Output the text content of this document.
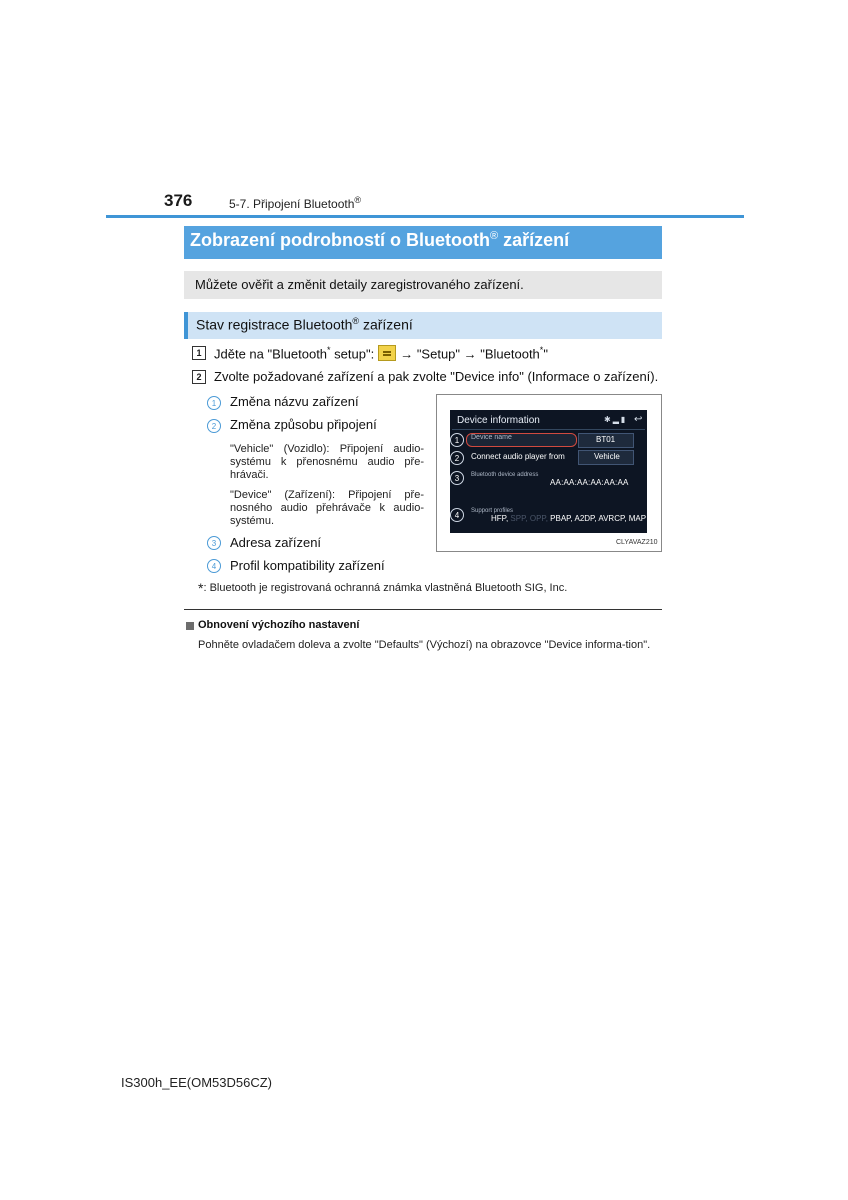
376	5-7. Připojení Bluetooth®
Zobrazení podrobností o Bluetooth® zařízení
Můžete ověřit a změnit detaily zaregistrovaného zařízení.
Stav registrace Bluetooth® zařízení
1 Jděte na "Bluetooth* setup": → "Setup" → "Bluetooth*"
2 Zvolte požadované zařízení a pak zvolte "Device info" (Informace o zařízení).
1	Změna názvu zařízení
2	Změna způsobu připojení
"Vehicle" (Vozidlo): Připojení audio-systému k přenosnému audio pře-hrávači.
"Device" (Zařízení): Připojení pře-nosného audio přehrávače k audio-systému.
3	Adresa zařízení
4	Profil kompatibility zařízení
Device information	✱▂▮ ↩
Device name	BT01
Connect audio player from	Vehicle
Bluetooth device address
AA:AA:AA:AA:AA:AA
Support profiles
HFP, SPP, OPP, PBAP, A2DP, AVRCP, MAP
1
2
3
4
CLYAVAZ210
*: Bluetooth je registrovaná ochranná známka vlastněná Bluetooth SIG, Inc.
Obnovení výchozího nastavení
Pohněte ovladačem doleva a zvolte "Defaults" (Výchozí) na obrazovce "Device informa-tion".
IS300h_EE(OM53D56CZ)
